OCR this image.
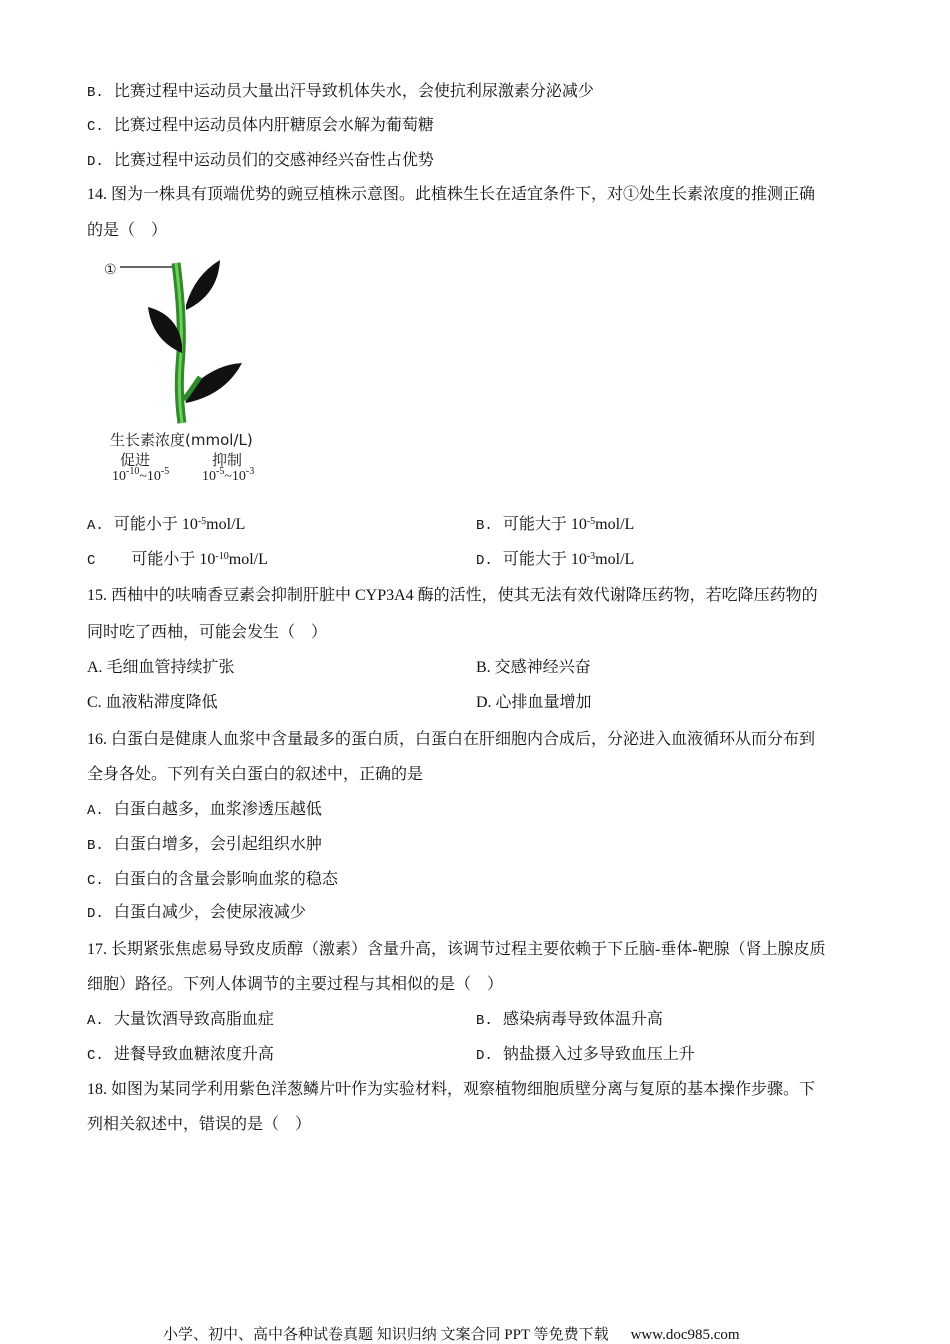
B. 比赛过程中运动员大量出汗导致机体失水，会使抗利尿激素分泌减少
C. 比赛过程中运动员体内肝糖原会水解为葡萄糖
D. 比赛过程中运动员们的交感神经兴奋性占优势
14. 图为一株具有顶端优势的豌豆植株示意图。此植株生长在适宜条件下，对①处生长素浓度的推测正确
的是（　）
①
生长素浓度(mmol/L)
促进	抑制
$10^{-10}\sim 10^{-5}$ $10^{-5}\sim 10^{-3}$
A. 可能小于 $10^{-5}mol/L$	B. 可能大于 $10^{-5}mol/L$
C 可能小于 $10^{-10}mol/L$	D. 可能大于 $10^{-3}mol/L$
15. 西柚中的呋喃香豆素会抑制肝脏中 CYP3A4 酶的活性，使其无法有效代谢降压药物，若吃降压药物的
同时吃了西柚，可能会发生（　）
A. 毛细血管持续扩张	B. 交感神经兴奋
C. 血液粘滞度降低	D. 心排血量增加
16. 白蛋白是健康人血浆中含量最多的蛋白质，白蛋白在肝细胞内合成后，分泌进入血液循环从而分布到
全身各处。下列有关白蛋白的叙述中，正确的是
A. 白蛋白越多，血浆渗透压越低
B. 白蛋白增多，会引起组织水肿
C. 白蛋白的含量会影响血浆的稳态
D. 白蛋白减少，会使尿液减少
17. 长期紧张焦虑易导致皮质醇（激素）含量升高，该调节过程主要依赖于下丘脑-垂体-靶腺（肾上腺皮质
细胞）路径。下列人体调节的主要过程与其相似的是（　）
A. 大量饮酒导致高脂血症	B. 感染病毒导致体温升高
C. 进餐导致血糖浓度升高	D. 钠盐摄入过多导致血压上升
18. 如图为某同学利用紫色洋葱鳞片叶作为实验材料，观察植物细胞质壁分离与复原的基本操作步骤。下
列相关叙述中，错误的是（　）
小学、初中、高中各种试卷真题 知识归纳 文案合同 PPT 等免费下载 www.doc985.com
